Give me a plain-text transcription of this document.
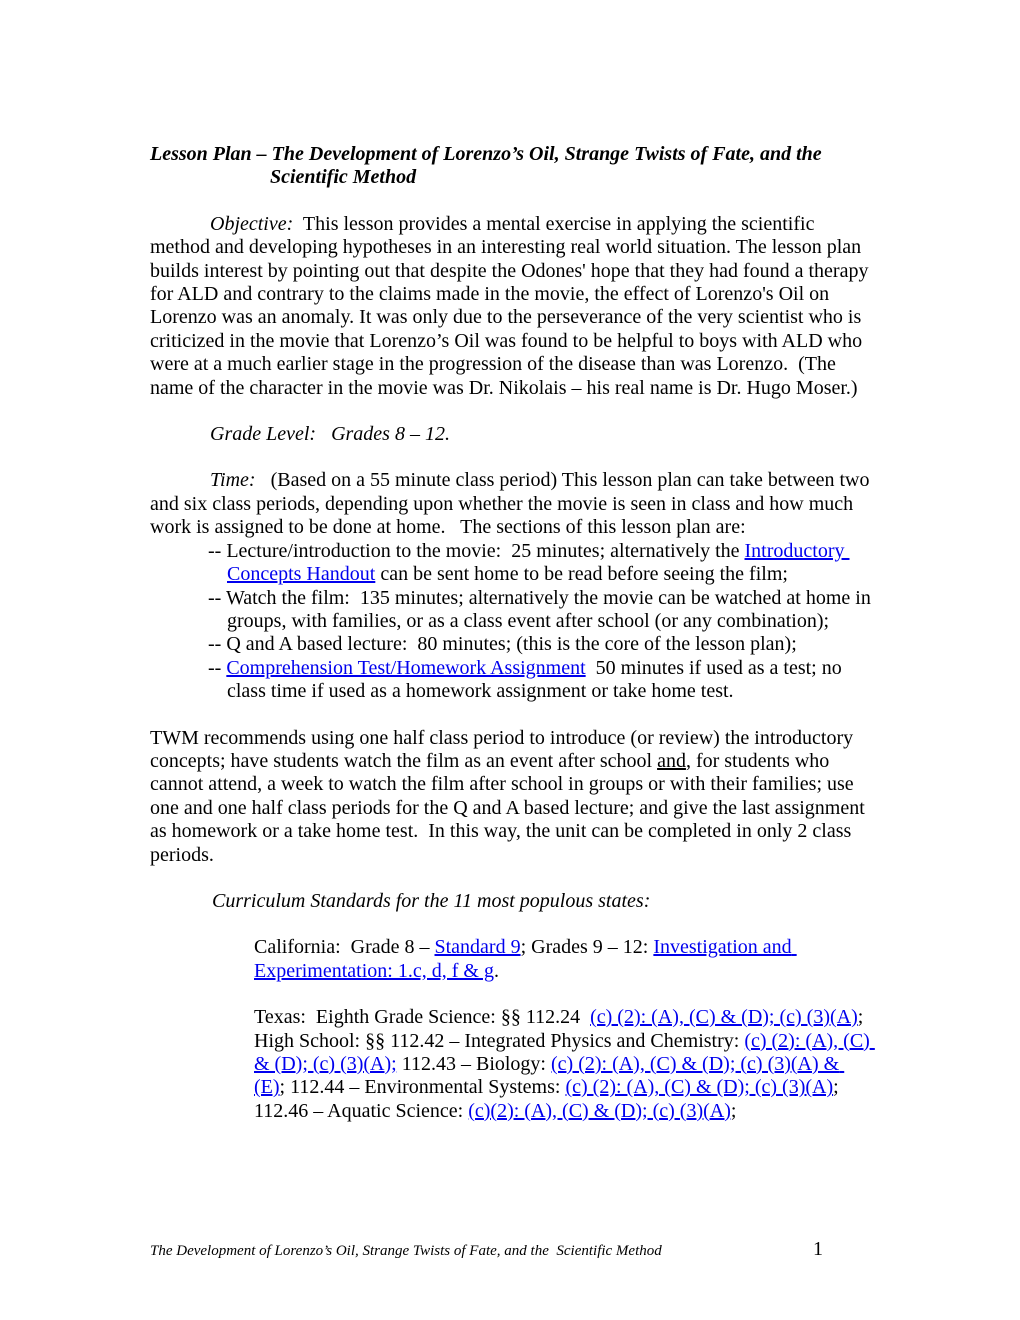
Lesson Plan – The Development of Lorenzo’s Oil, Strange Twists of Fate, and the
Scientific Method

Objective:  This lesson provides a mental exercise in applying the scientific method and developing hypotheses in an interesting real world situation. The lesson plan builds interest by pointing out that despite the Odones' hope that they had found a therapy for ALD and contrary to the claims made in the movie, the effect of Lorenzo's Oil on Lorenzo was an anomaly. It was only due to the perseverance of the very scientist who is criticized in the movie that Lorenzo’s Oil was found to be helpful to boys with ALD who were at a much earlier stage in the progression of the disease than was Lorenzo.  (The name of the character in the movie was Dr. Nikolais – his real name is Dr. Hugo Moser.)

Grade Level:   Grades 8 – 12.

Time:   (Based on a 55 minute class period) This lesson plan can take between two and six class periods, depending upon whether the movie is seen in class and how much work is assigned to be done at home.   The sections of this lesson plan are:

-- Lecture/introduction to the movie:  25 minutes; alternatively the Introductory Concepts Handout can be sent home to be read before seeing the film;
-- Watch the film:  135 minutes; alternatively the movie can be watched at home in groups, with families, or as a class event after school (or any combination);
-- Q and A based lecture:  80 minutes; (this is the core of the lesson plan);
-- Comprehension Test/Homework Assignment  50 minutes if used as a test; no class time if used as a homework assignment or take home test.

TWM recommends using one half class period to introduce (or review) the introductory concepts; have students watch the film as an event after school and, for students who cannot attend, a week to watch the film after school in groups or with their families; use one and one half class periods for the Q and A based lecture; and give the last assignment as homework or a take home test.  In this way, the unit can be completed in only 2 class periods.

Curriculum Standards for the 11 most populous states:

California:  Grade 8 – Standard 9; Grades 9 – 12: Investigation and Experimentation: 1.c, d, f & g.

Texas:  Eighth Grade Science: §§ 112.24  (c) (2): (A), (C) & (D); (c) (3)(A); High School: §§ 112.42 – Integrated Physics and Chemistry: (c) (2): (A), (C) & (D); (c) (3)(A); 112.43 – Biology: (c) (2): (A), (C) & (D); (c) (3)(A) & (E); 112.44 – Environmental Systems: (c) (2): (A), (C) & (D); (c) (3)(A); 112.46 – Aquatic Science: (c)(2): (A), (C) & (D); (c) (3)(A);

The Development of Lorenzo’s Oil, Strange Twists of Fate, and the  Scientific Method	1
